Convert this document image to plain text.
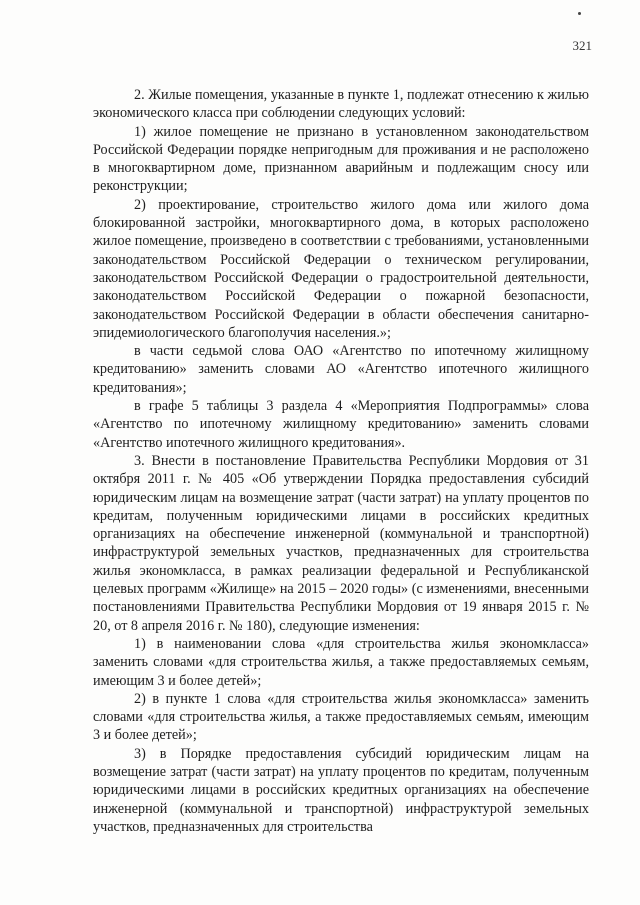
321

2. Жилые помещения, указанные в пункте 1, подлежат отнесению к жилью экономического класса при соблюдении следующих условий:

1) жилое помещение не признано в установленном законодательством Российской Федерации порядке непригодным для проживания и не расположено в многоквартирном доме, признанном аварийным и подлежащим сносу или реконструкции;

2) проектирование, строительство жилого дома или жилого дома блокированной застройки, многоквартирного дома, в которых расположено жилое помещение, произведено в соответствии с требованиями, установленными законодательством Российской Федерации о техническом регулировании, законодательством Российской Федерации о градостроительной деятельности, законодательством Российской Федерации о пожарной безопасности, законодательством Российской Федерации в области обеспечения санитарно-эпидемиологического благополучия населения.»;

в части седьмой слова ОАО «Агентство по ипотечному жилищному кредитованию» заменить словами АО «Агентство ипотечного жилищного кредитования»;

в графе 5 таблицы 3 раздела 4 «Мероприятия Подпрограммы» слова «Агентство по ипотечному жилищному кредитованию» заменить словами «Агентство ипотечного жилищного кредитования».

3. Внести в постановление Правительства Республики Мордовия от 31 октября 2011 г. № 405 «Об утверждении Порядка предоставления субсидий юридическим лицам на возмещение затрат (части затрат) на уплату процентов по кредитам, полученным юридическими лицами в российских кредитных организациях на обеспечение инженерной (коммунальной и транспортной) инфраструктурой земельных участков, предназначенных для строительства жилья экономкласса, в рамках реализации федеральной и Республиканской целевых программ «Жилище» на 2015 – 2020 годы» (с изменениями, внесенными постановлениями Правительства Республики Мордовия от 19 января 2015 г. № 20, от 8 апреля 2016 г. № 180), следующие изменения:

1) в наименовании слова «для строительства жилья экономкласса» заменить словами «для строительства жилья, а также предоставляемых семьям, имеющим 3 и более детей»;

2) в пункте 1 слова «для строительства жилья экономкласса» заменить словами «для строительства жилья, а также предоставляемых семьям, имеющим 3 и более детей»;

3) в Порядке предоставления субсидий юридическим лицам на возмещение затрат (части затрат) на уплату процентов по кредитам, полученным юридическими лицами в российских кредитных организациях на обеспечение инженерной (коммунальной и транспортной) инфраструктурой земельных участков, предназначенных для строительства
